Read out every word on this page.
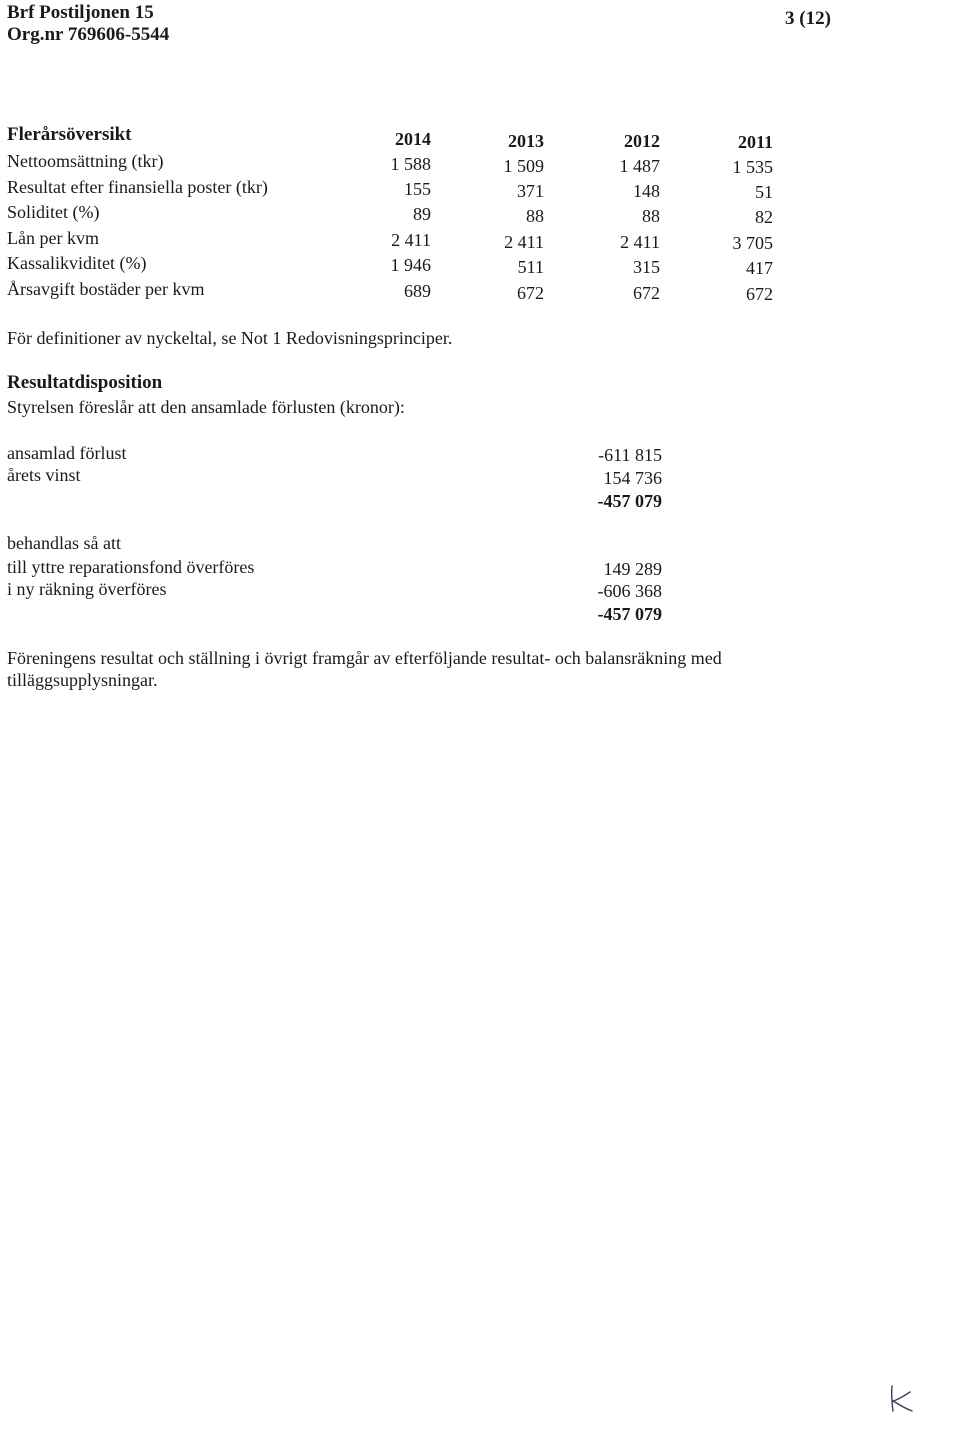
Brf Postiljonen 15
Org.nr 769606-5544
3 (12)
Flerårsöversikt	2014	2013	2012	2011
Nettoomsättning (tkr)	1 588	1 509	1 487	1 535
Resultat efter finansiella poster (tkr)	155	371	148	51
Soliditet (%)	89	88	88	82
Lån per kvm	2 411	2 411	2 411	3 705
Kassalikviditet (%)	1 946	511	315	417
Årsavgift bostäder per kvm	689	672	672	672
För definitioner av nyckeltal, se Not 1 Redovisningsprinciper.
Resultatdisposition
Styrelsen föreslår att den ansamlade förlusten (kronor):
ansamlad förlust	-611 815
årets vinst	154 736
-457 079
behandlas så att
till yttre reparationsfond överföres	149 289
i ny räkning överföres	-606 368
-457 079
Föreningens resultat och ställning i övrigt framgår av efterföljande resultat- och balansräkning med
tilläggsupplysningar.
